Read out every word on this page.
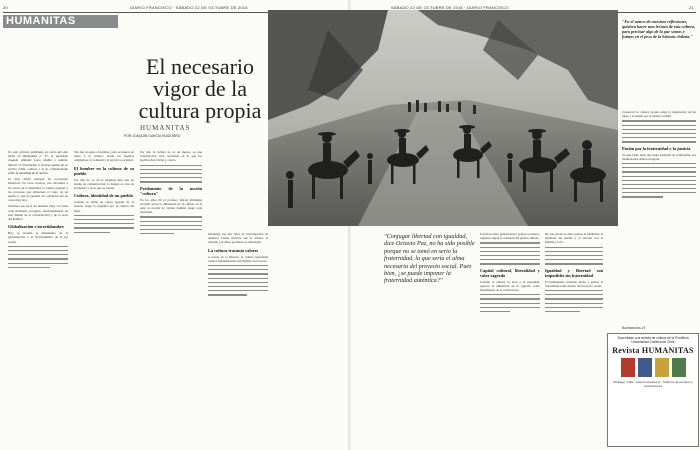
20	DIARIO FRANCISCO · SÁBADO 22 DE OCTUBRE DE 2016
HUMANITAS
El necesario
vigor de la
cultura propia
HUMANITAS
POR JOAQUÍN GARCÍA HUIDOBRO

En este artículo publicado en enero del año 2010, en Humanitas nº 57, el sacerdote Joaquín Alliende Luco medita y admite, liberal, el crecimiento a muchos patios de su escrito Chile, cultura y la fe, reflexionando sobre la identidad de la nación.

Es muy difícil dialogar las novedades históricas. En estos escritos, nos referimos a las raíces de la identidad, la cultura popular y los procesos que alimentan el vigor de un pueblo y que no pueden ser olvidados sin un costo muy alto.

Sabemos que en el ser humano llega a la cima cada momento recogido, inevitablemente en este dilema de la contradicción y de la tarea del hombre.

Globalización e incertidumbre

Hoy se levanta el dinamismo de la globalización y la incertidumbre de la era actual.

Sin dúo ni ajeno al hombre, todo se mueve en torno a la cultura: desde los pueblos originarios, la voluntad y la ley de la sociedad.

El hombre en la cultura de su pueblo

Por ello no ve en el lenguaje más que un medio de comunicación; la lengua es casa de la historia y de lo que se cuenta.

Cultura, identidad de un pueblo

Cuando se habla de raíces propias de la nación, surge la pregunta por la cultura del alma.

Por ello la cultura no es un museo, es una construcción viva, sostenida en lo que los pueblos han vivido y creído.

Predominio de la noción "cultura"

En los años 60 el profesor Rafael Kiluliéng escribió sobre la dimensión de la cultura en el país; la noción de cultura dominó luego toda discusión.

Kiluliéng tras dos años de investigación en América Latina advierte que la cultura, la religión y el ethos profundo se entrelazan.

La cultura trasunta valores

A través de la historia, la cultura trasciende valores fundamentales del hombre en la tierra.

SÁBADO 22 DE OCTUBRE DE 2016 · DIARIO FRANCISCO	21
"En el marco de nuestras reflexiones, quisiera hacer una lectura de esta cultura, para precisar algo de lo que somos y fuimos en el peso de la historia chilena."
"Conjugar libertad con igualdad, dice Octavio Paz, no ha sido posible porque no se tomó en serio la fraternidad, la que sería el alma necesaria del proyecto social. Pues bien, ¿se puede imponer la fraternidad auténtica?"

Fracturas entre generaciones, grupos sociales y regiones alejan la cohesión del pueblo chileno.

Capital cultural, liberalidad y valor sagrado

Cuando la cultura se abre a la gratuidad, aparece la dimensión de lo sagrado como fundamento de la convivencia.

De este modo se debe pensar la identidad, la memoria del pueblo y el vínculo con la familia y la fe.

Igualdad y libertad son imposibles sin fraternidad

El humanismo cristiano invita a pensar la fraternidad como núcleo del proyecto social.

Conservar la cultura propia exige la integración de las ideas y la pasión por el destino común.

Pasión por la fraternidad y la justicia

Ya que Chile tiene una larga tradición de solidaridad, sus instituciones deben recogerla.

humanitas.cl
Suscríbase a la revista de cultura de la Pontificia Universidad Católica de Chile
Revista HUMANITAS
Santiago, Chile · www.humanitas.cl · Teléfono de contacto y suscripciones
